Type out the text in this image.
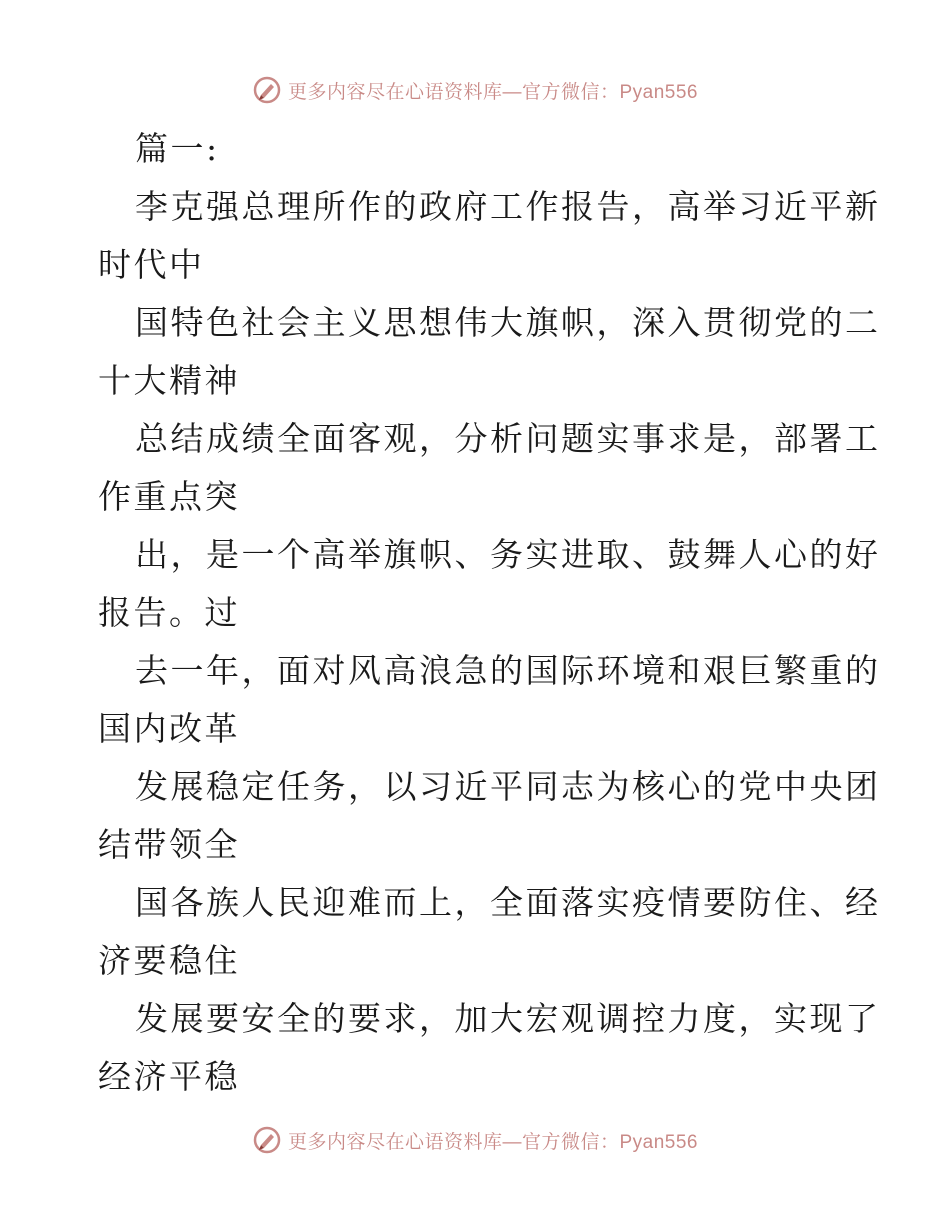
更多内容尽在心语资料库—官方微信：Pyan556
篇一:
李克强总理所作的政府工作报告，高举习近平新
时代中
国特色社会主义思想伟大旗帜，深入贯彻党的二
十大精神
总结成绩全面客观，分析问题实事求是，部署工
作重点突
出，是一个高举旗帜、务实进取、鼓舞人心的好
报告。过
去一年，面对风高浪急的国际环境和艰巨繁重的
国内改革
发展稳定任务，以习近平同志为核心的党中央团
结带领全
国各族人民迎难而上，全面落实疫情要防住、经
济要稳住
发展要安全的要求，加大宏观调控力度，实现了
经济平稳
更多内容尽在心语资料库—官方微信：Pyan556
